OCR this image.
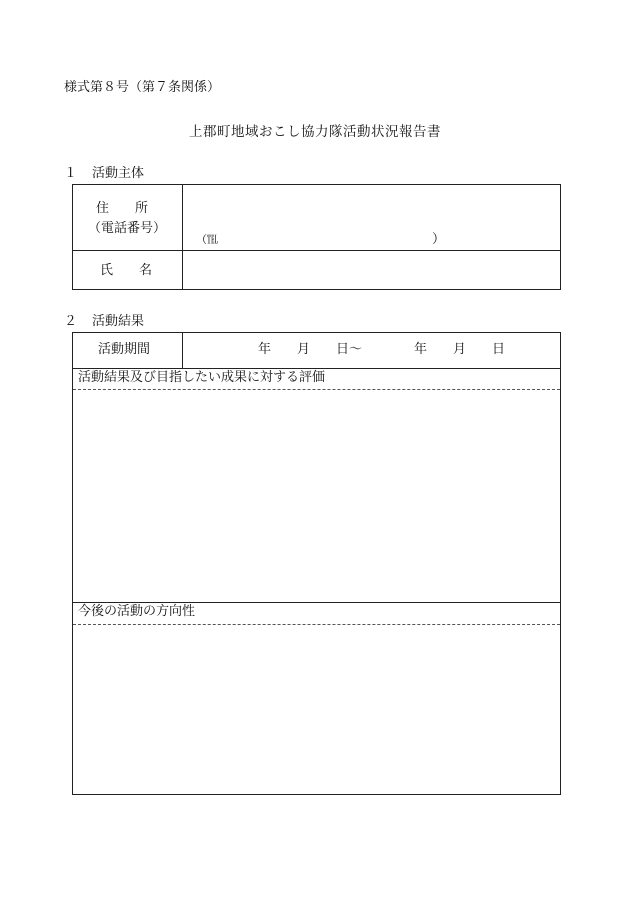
様式第８号（第７条関係）
上郡町地域おこし協力隊活動状況報告書
１ 活動主体
住　　所
（電話番号）
（℡	）
氏　　名
２ 活動結果
活動期間	年　　月　　日～　　　　年　　月　　日
活動結果及び目指したい成果に対する評価
今後の活動の方向性
